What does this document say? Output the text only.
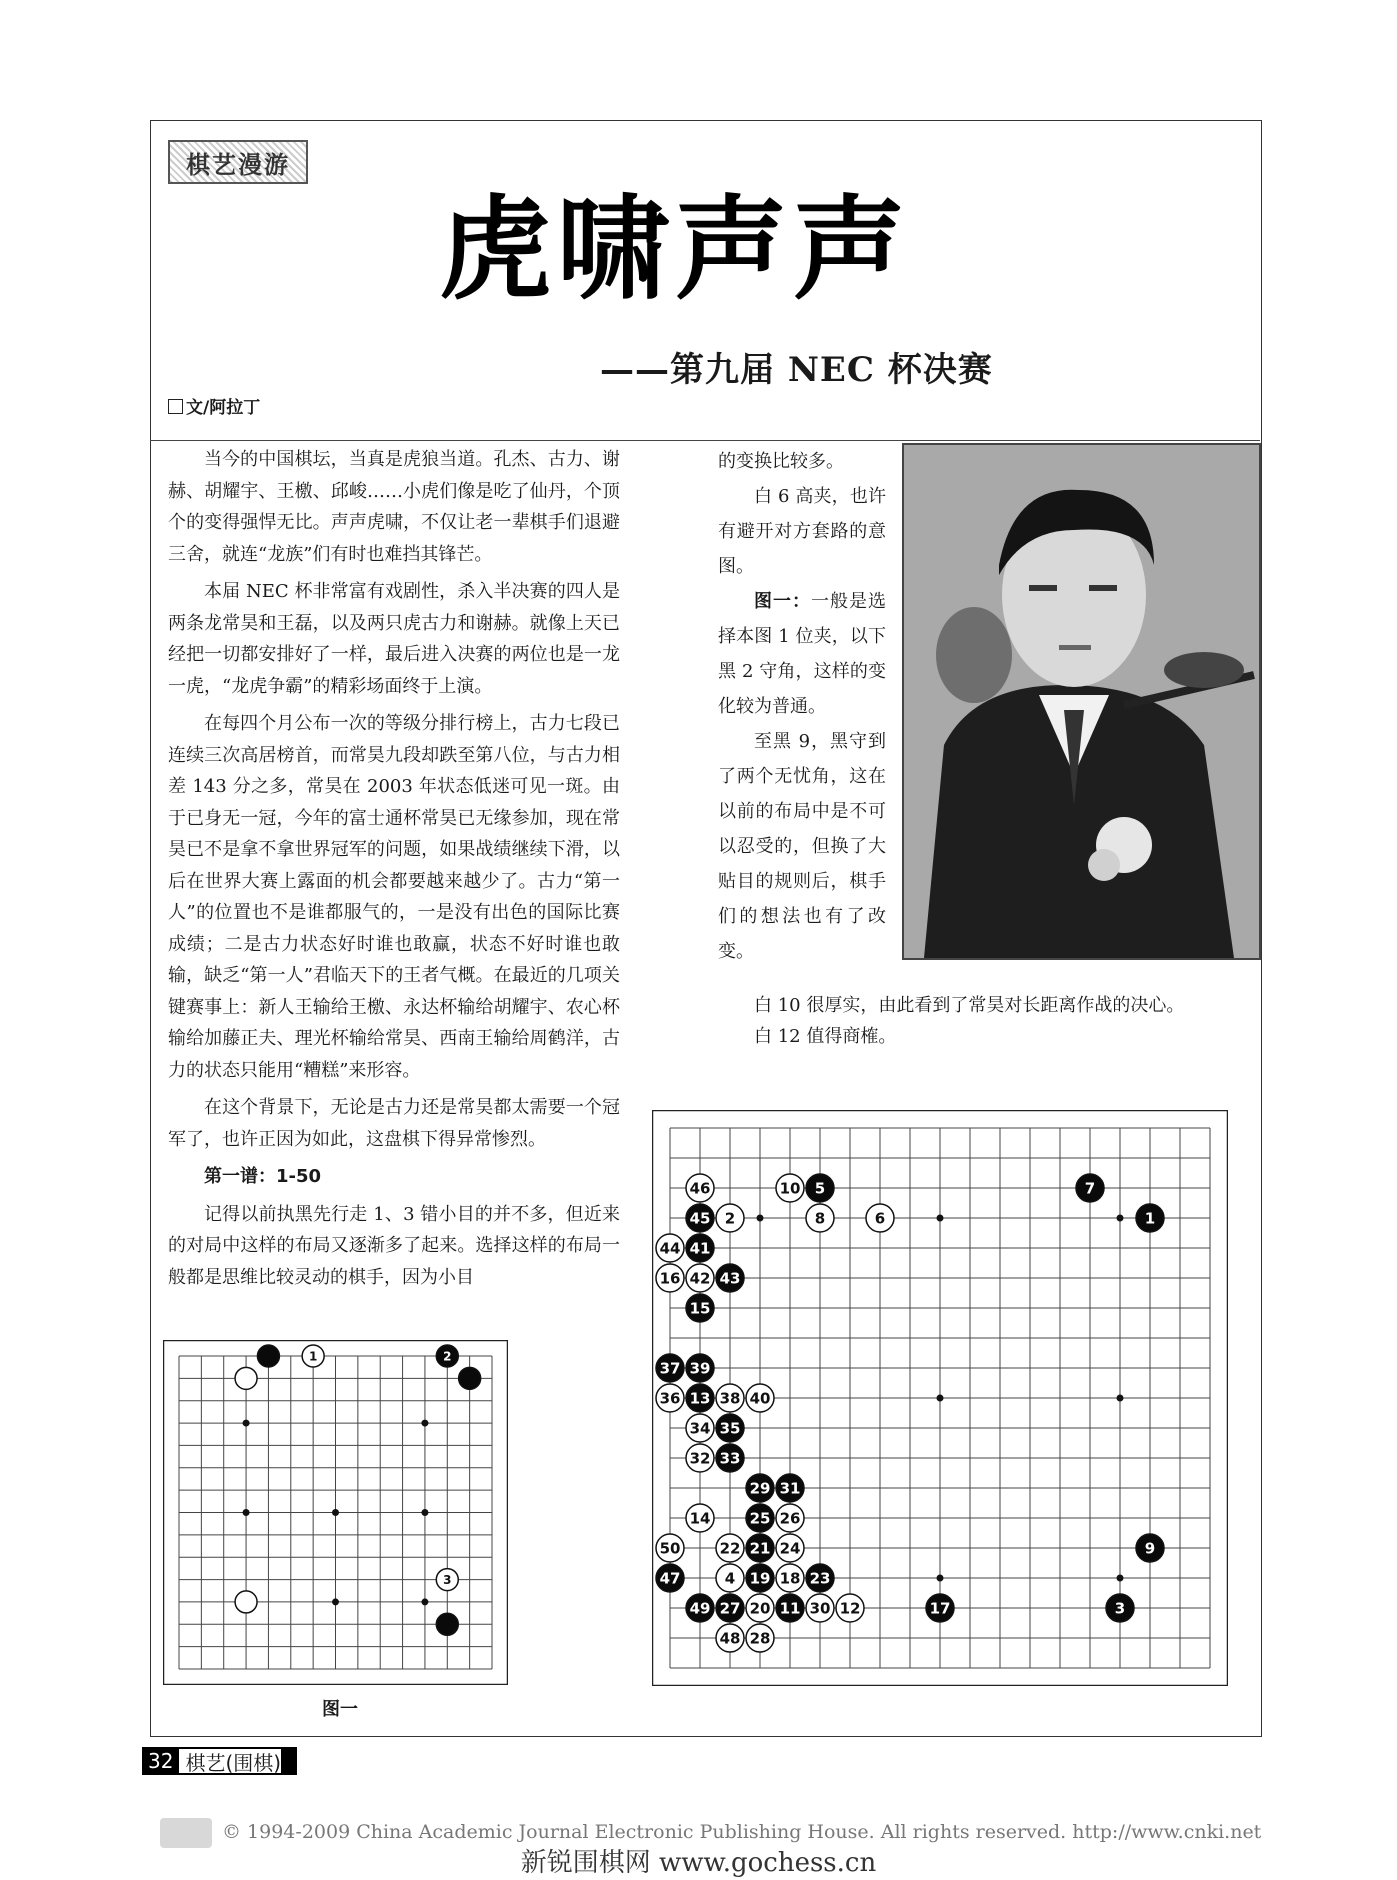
棋艺漫游
虎啸声声
——第九届 NEC 杯决赛
文/阿拉丁

当今的中国棋坛，当真是虎狼当道。孔杰、古力、谢赫、胡耀宇、王檄、邱峻……小虎们像是吃了仙丹，个顶个的变得强悍无比。声声虎啸，不仅让老一辈棋手们退避三舍，就连“龙族”们有时也难挡其锋芒。

本届 NEC 杯非常富有戏剧性，杀入半决赛的四人是两条龙常昊和王磊，以及两只虎古力和谢赫。就像上天已经把一切都安排好了一样，最后进入决赛的两位也是一龙一虎，“龙虎争霸”的精彩场面终于上演。

在每四个月公布一次的等级分排行榜上，古力七段已连续三次高居榜首，而常昊九段却跌至第八位，与古力相差 143 分之多，常昊在 2003 年状态低迷可见一斑。由于已身无一冠，今年的富士通杯常昊已无缘参加，现在常昊已不是拿不拿世界冠军的问题，如果战绩继续下滑，以后在世界大赛上露面的机会都要越来越少了。古力“第一人”的位置也不是谁都服气的，一是没有出色的国际比赛成绩；二是古力状态好时谁也敢赢，状态不好时谁也敢输，缺乏“第一人”君临天下的王者气概。在最近的几项关键赛事上：新人王输给王檄、永达杯输给胡耀宇、农心杯输给加藤正夫、理光杯输给常昊、西南王输给周鹤洋，古力的状态只能用“糟糕”来形容。

在这个背景下，无论是古力还是常昊都太需要一个冠军了，也许正因为如此，这盘棋下得异常惨烈。

第一谱：1-50

记得以前执黑先行走 1、3 错小目的并不多，但近来的对局中这样的布局又逐渐多了起来。选择这样的布局一般都是思维比较灵动的棋手，因为小目

的变换比较多。

白 6 高夹，也许有避开对方套路的意图。

图一：一般是选择本图 1 位夹，以下黑 2 守角，这样的变化较为普通。

至黑 9，黑守到了两个无忧角，这在以前的布局中是不可以忍受的，但换了大贴目的规则后，棋手们的想法也有了改变。

白 10 很厚实，由此看到了常昊对长距离作战的决心。

白 12 值得商榷。

1	2
3
图一
46	10 5	7
45 2	8	6	1
44 41
16 42 43
15
37 39
36 13 38 40
34 35
32 33
29 31
14	25 26
50	22 21 24	9
47	4 19 18 23
49 27 20 11 30 12	17	3
48 28
32 棋艺(围棋)
© 1994-2009 China Academic Journal Electronic Publishing House. All rights reserved. http://www.cnki.net
新锐围棋网 www.gochess.cn
